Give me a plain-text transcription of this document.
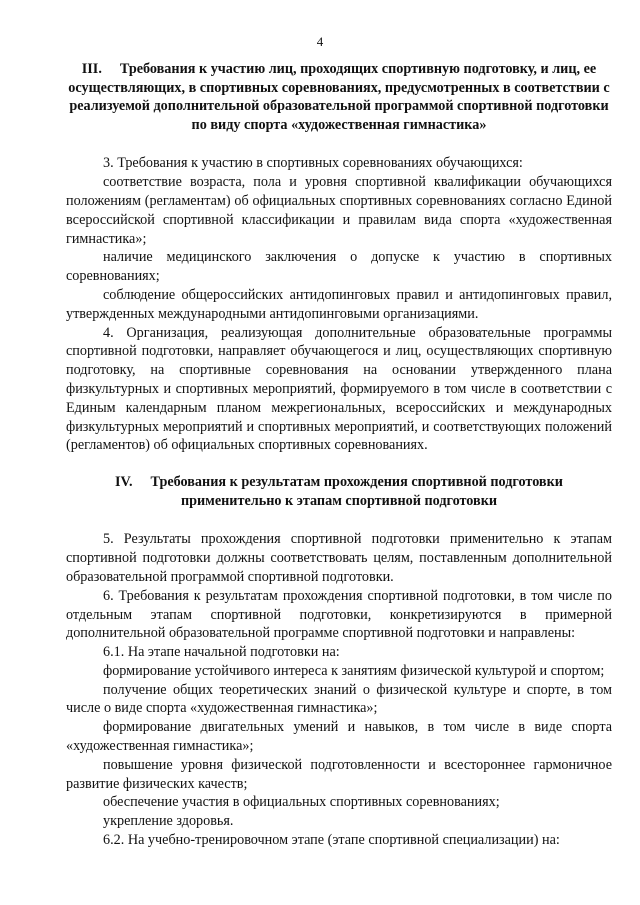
4
III. Требования к участию лиц, проходящих спортивную подготовку, и лиц, ее осуществляющих, в спортивных соревнованиях, предусмотренных в соответствии с реализуемой дополнительной образовательной программой спортивной подготовки по виду спорта «художественная гимнастика»

3. Требования к участию в спортивных соревнованиях обучающихся:

соответствие возраста, пола и уровня спортивной квалификации обучающихся положениям (регламентам) об официальных спортивных соревнованиях согласно Единой всероссийской спортивной классификации и правилам вида спорта «художественная гимнастика»;

наличие медицинского заключения о допуске к участию в спортивных соревнованиях;

соблюдение общероссийских антидопинговых правил и антидопинговых правил, утвержденных международными антидопинговыми организациями.

4. Организация, реализующая дополнительные образовательные программы спортивной подготовки, направляет обучающегося и лиц, осуществляющих спортивную подготовку, на спортивные соревнования на основании утвержденного плана физкультурных и спортивных мероприятий, формируемого в том числе в соответствии с Единым календарным планом межрегиональных, всероссийских и международных физкультурных мероприятий и спортивных мероприятий, и соответствующих положений (регламентов) об официальных спортивных соревнованиях.

IV. Требования к результатам прохождения спортивной подготовки применительно к этапам спортивной подготовки

5. Результаты прохождения спортивной подготовки применительно к этапам спортивной подготовки должны соответствовать целям, поставленным дополнительной образовательной программой спортивной подготовки.

6. Требования к результатам прохождения спортивной подготовки, в том числе по отдельным этапам спортивной подготовки, конкретизируются в примерной дополнительной образовательной программе спортивной подготовки и направлены:

6.1. На этапе начальной подготовки на:

формирование устойчивого интереса к занятиям физической культурой и спортом;

получение общих теоретических знаний о физической культуре и спорте, в том числе о виде спорта «художественная гимнастика»;

формирование двигательных умений и навыков, в том числе в виде спорта «художественная гимнастика»;

повышение уровня физической подготовленности и всестороннее гармоничное развитие физических качеств;

обеспечение участия в официальных спортивных соревнованиях;

укрепление здоровья.

6.2. На учебно-тренировочном этапе (этапе спортивной специализации) на:
